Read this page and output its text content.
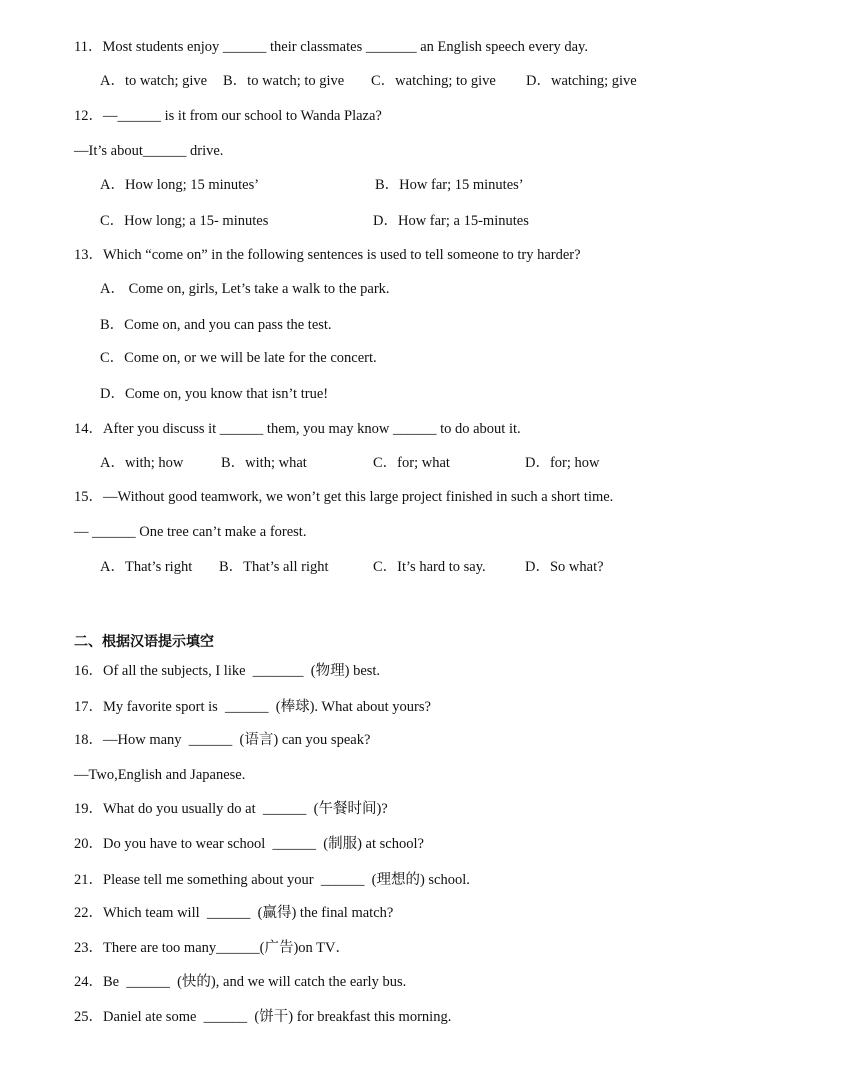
11．Most students enjoy ______ their classmates _______ an English speech every day.
A．to watch; give B．to watch; to give C．watching; to give D．watching; give
12．—______ is it from our school to Wanda Plaza?
—It’s about______ drive.
A．How long; 15 minutes’	B．How far; 15 minutes’
C．How long; a 15- minutes	D．How far; a 15-minutes
13．Which “come on” in the following sentences is used to tell someone to try harder?
A． Come on, girls, Let’s take a walk to the park.
B．Come on, and you can pass the test.
C．Come on, or we will be late for the concert.
D．Come on, you know that isn’t true!
14．After you discuss it ______ them, you may know ______ to do about it.
A．with; how	B．with; what	C．for; what	D．for; how
15．—Without good teamwork, we won’t get this large project finished in such a short time.
— ______ One tree can’t make a forest.
A．That’s right B．That’s all right	C．It’s hard to say.	D．So what?
二、根据汉语提示填空
16．Of all the subjects, I like  _______  (物理) best.
17．My favorite sport is  ______  (棒球). What about yours?
18．—How many  ______  (语言) can you speak?
—Two,English and Japanese.
19．What do you usually do at  ______  (午餐时间)?
20．Do you have to wear school  ______  (制服) at school?
21．Please tell me something about your  ______  (理想的) school.
22．Which team will  ______  (赢得) the final match?
23．There are too many______(广告)on TV．
24．Be  ______  (快的), and we will catch the early bus.
25．Daniel ate some  ______  (饼干) for breakfast this morning.
